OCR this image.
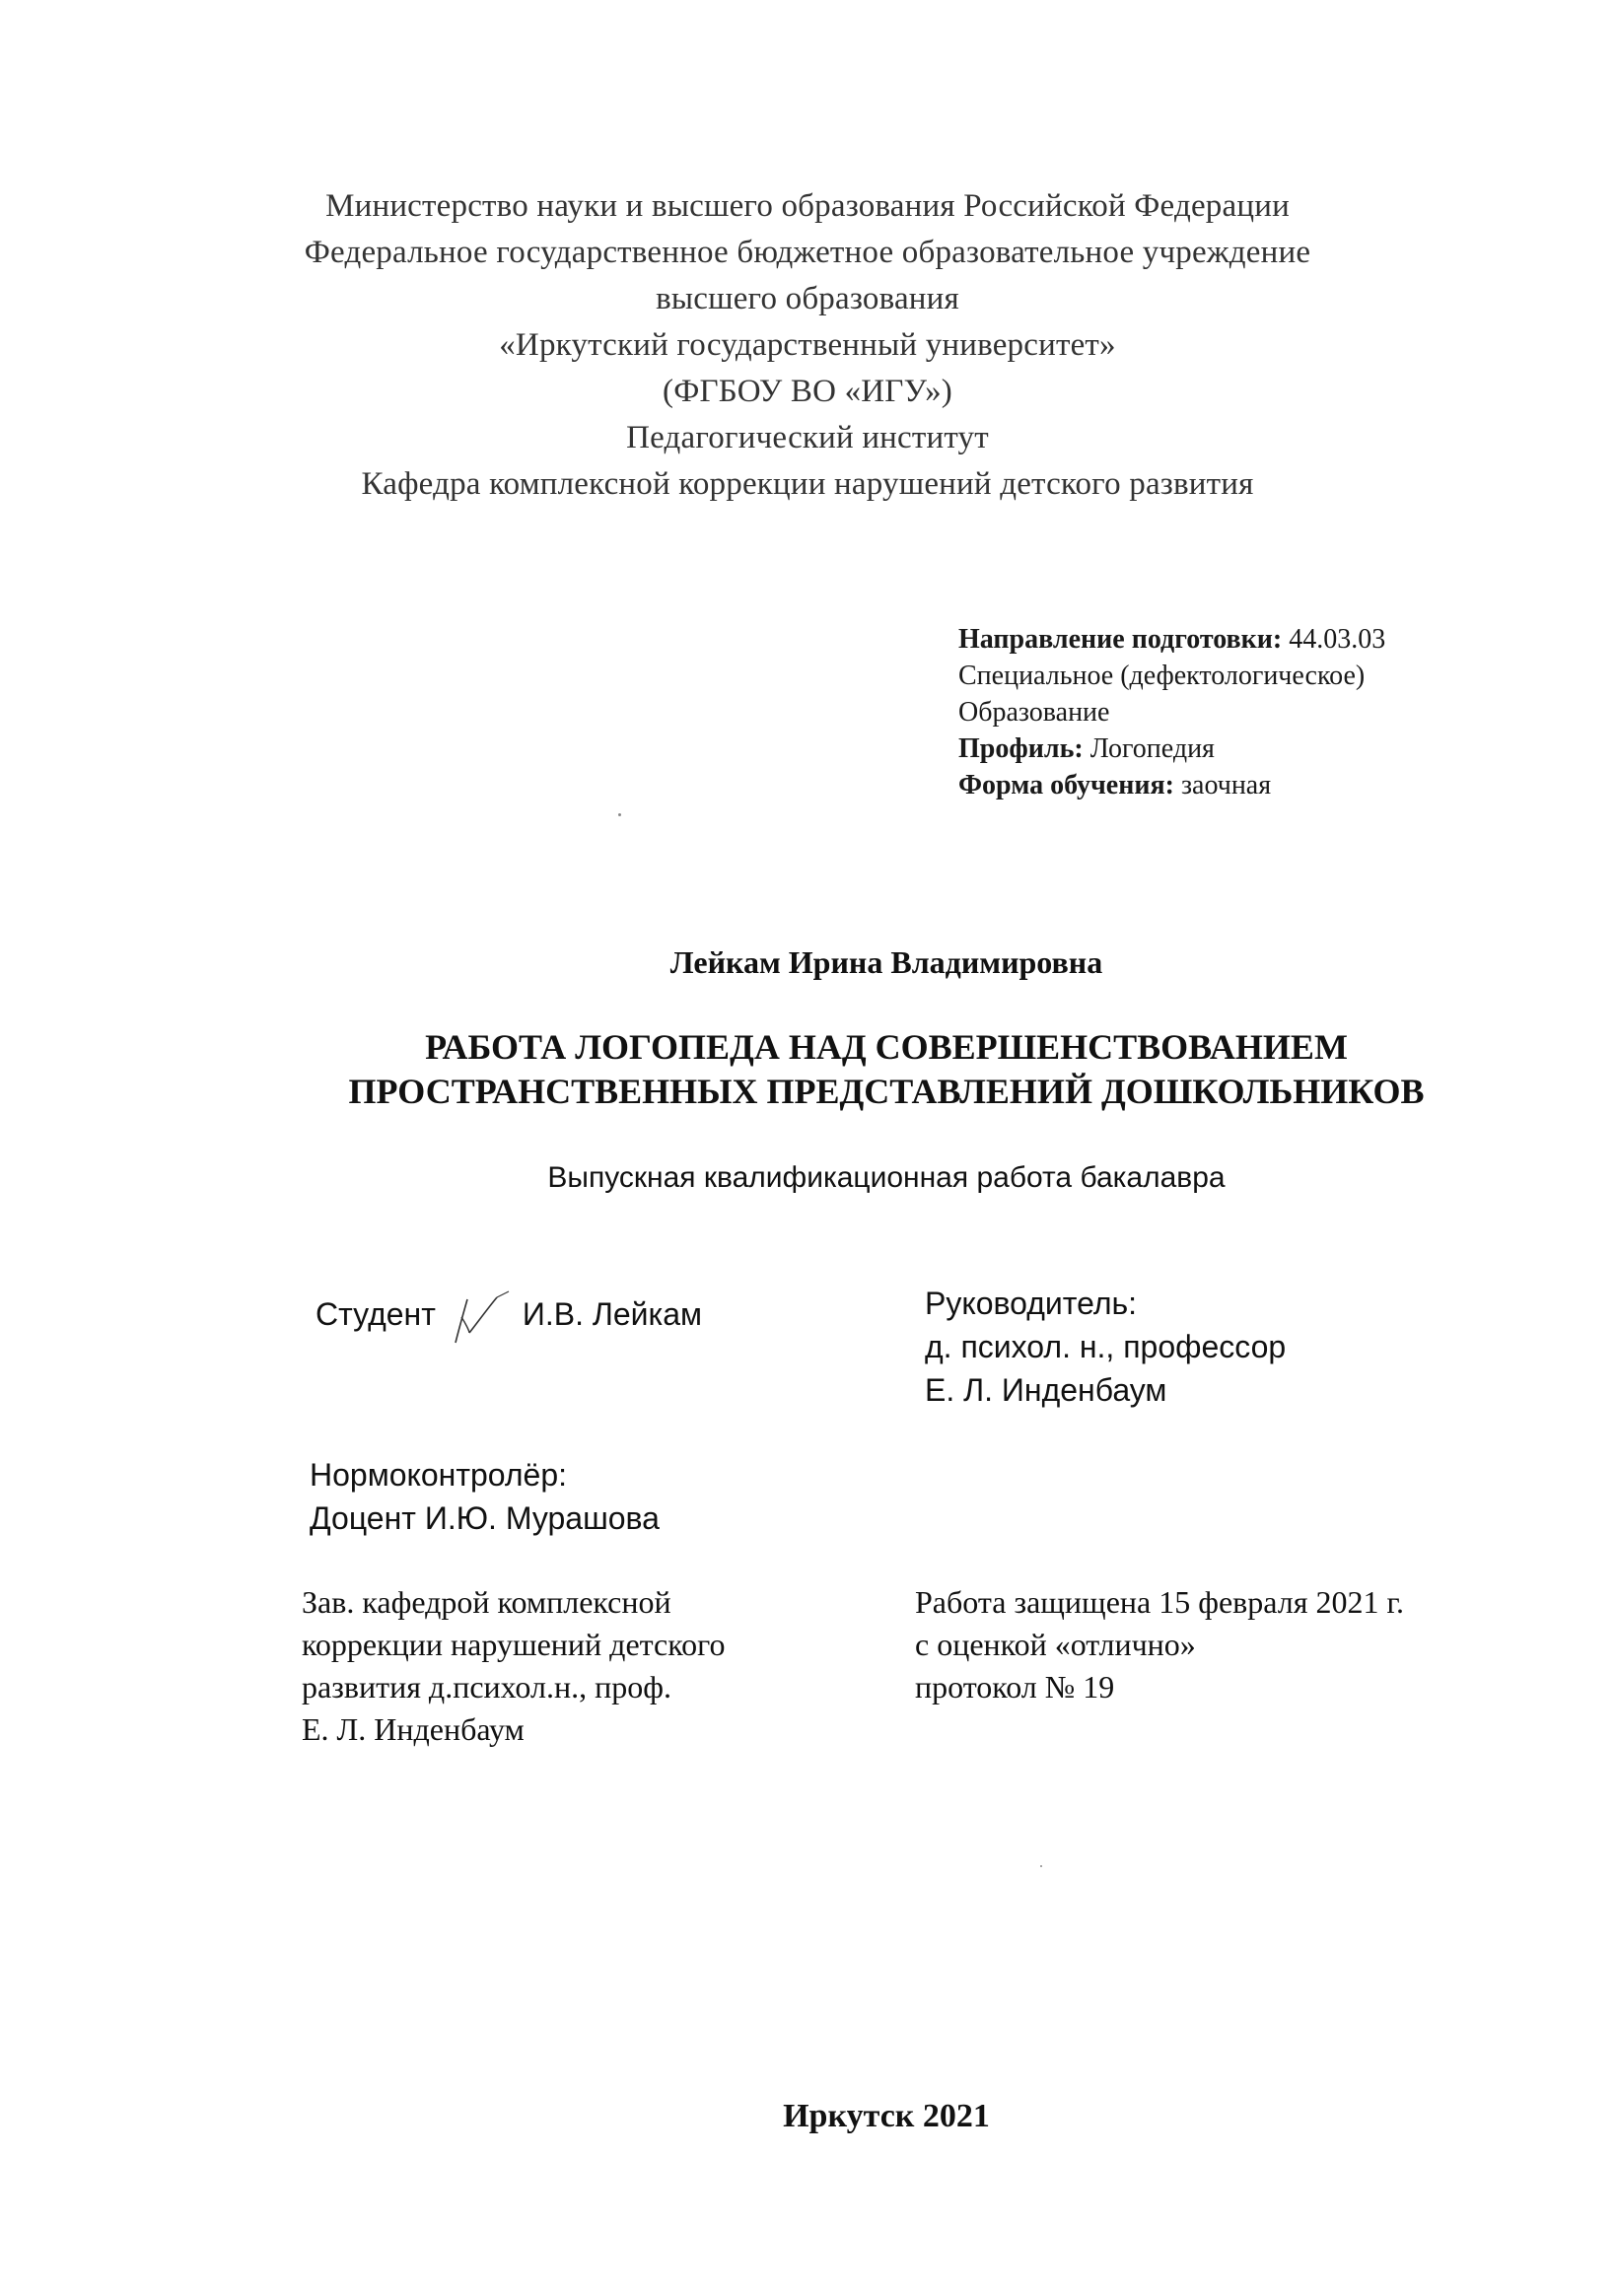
Министерство науки и высшего образования Российской Федерации
Федеральное государственное бюджетное образовательное учреждение
высшего образования
«Иркутский государственный университет»
(ФГБОУ ВО «ИГУ»)
Педагогический институт
Кафедра комплексной коррекции нарушений детского развития
Направление подготовки: 44.03.03
Специальное (дефектологическое)
Образование
Профиль: Логопедия
Форма обучения: заочная
Лейкам Ирина Владимировна
РАБОТА ЛОГОПЕДА НАД СОВЕРШЕНСТВОВАНИЕМ
ПРОСТРАНСТВЕННЫХ ПРЕДСТАВЛЕНИЙ ДОШКОЛЬНИКОВ
Выпускная квалификационная работа бакалавра
Студент	И.В. Лейкам	Руководитель:
д. психол. н., профессор
Е. Л. Инденбаум
Нормоконтролёр:
Доцент И.Ю. Мурашова
Зав. кафедрой комплексной
коррекции нарушений детского
развития д.психол.н., проф.
Е. Л. Инденбаум
Работа защищена 15 февраля 2021 г.
с оценкой «отлично»
протокол № 19
Иркутск 2021
